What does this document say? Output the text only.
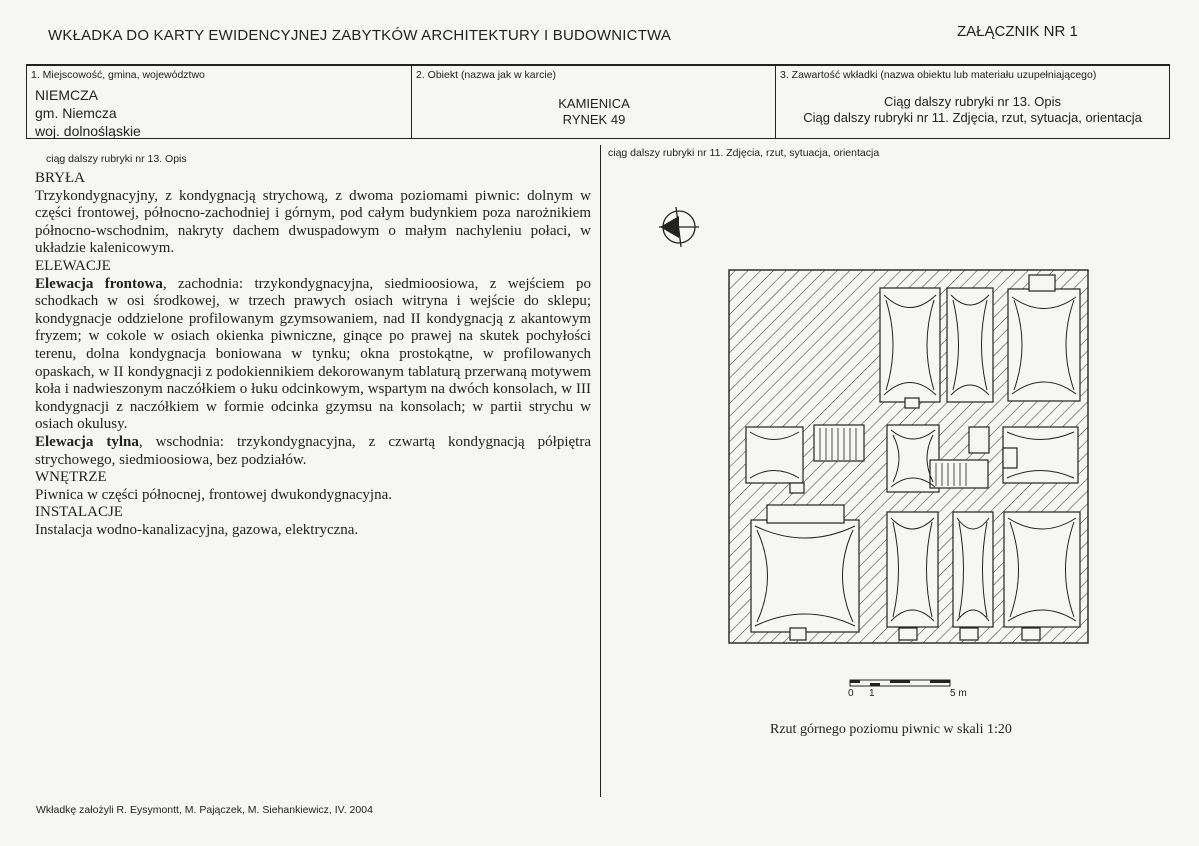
WKŁADKA DO KARTY EWIDENCYJNEJ ZABYTKÓW ARCHITEKTURY I BUDOWNICTWA	ZAŁĄCZNIK NR 1
1. Miejscowość, gmina, województwo
NIEMCZA
gm. Niemcza
woj. dolnośląskie
2. Obiekt (nazwa jak w karcie)
KAMIENICA
RYNEK 49
3. Zawartość wkładki (nazwa obiektu lub materiału uzupełniającego)
Ciąg dalszy rubryki nr 13. Opis
Ciąg dalszy rubryki nr 11. Zdjęcia, rzut, sytuacja, orientacja
ciąg dalszy rubryki nr 13. Opis	ciąg dalszy rubryki nr 11. Zdjęcia, rzut, sytuacja, orientacja

BRYŁA

Trzykondygnacyjny, z kondygnacją strychową, z dwoma poziomami piwnic: dolnym w części frontowej, północno-zachodniej i górnym, pod całym budynkiem poza narożnikiem północno-wschodnim, nakryty dachem dwuspadowym o małym nachyleniu połaci, w układzie kalenicowym.

ELEWACJE

Elewacja frontowa, zachodnia: trzykondygnacyjna, siedmioosiowa, z wejściem po schodkach w osi środkowej, w trzech prawych osiach witryna i wejście do sklepu; kondygnacje oddzielone profilowanym gzymsowaniem, nad II kondygnacją z akantowym fryzem; w cokole w osiach okienka piwniczne, ginące po prawej na skutek pochyłości terenu, dolna kondygnacja boniowana w tynku; okna prostokątne, w profilowanych opaskach, w II kondygnacji z podokiennikiem dekorowanym tablaturą przerwaną motywem koła i nadwieszonym naczółkiem o łuku odcinkowym, wspartym na dwóch konsolach, w III kondygnacji z naczółkiem w formie odcinka gzymsu na konsolach; w partii strychu w osiach okulusy.

Elewacja tylna, wschodnia: trzykondygnacyjna, z czwartą kondygnacją półpiętra strychowego, siedmioosiowa, bez podziałów.

WNĘTRZE

Piwnica w części północnej, frontowej dwukondygnacyjna.

INSTALACJE

Instalacja wodno-kanalizacyjna, gazowa, elektryczna.

0 1	5 m
Rzut górnego poziomu piwnic w skali 1:20
Wkładkę założyli R. Eysymontt, M. Pajączek, M. Siehankiewicz, IV. 2004
